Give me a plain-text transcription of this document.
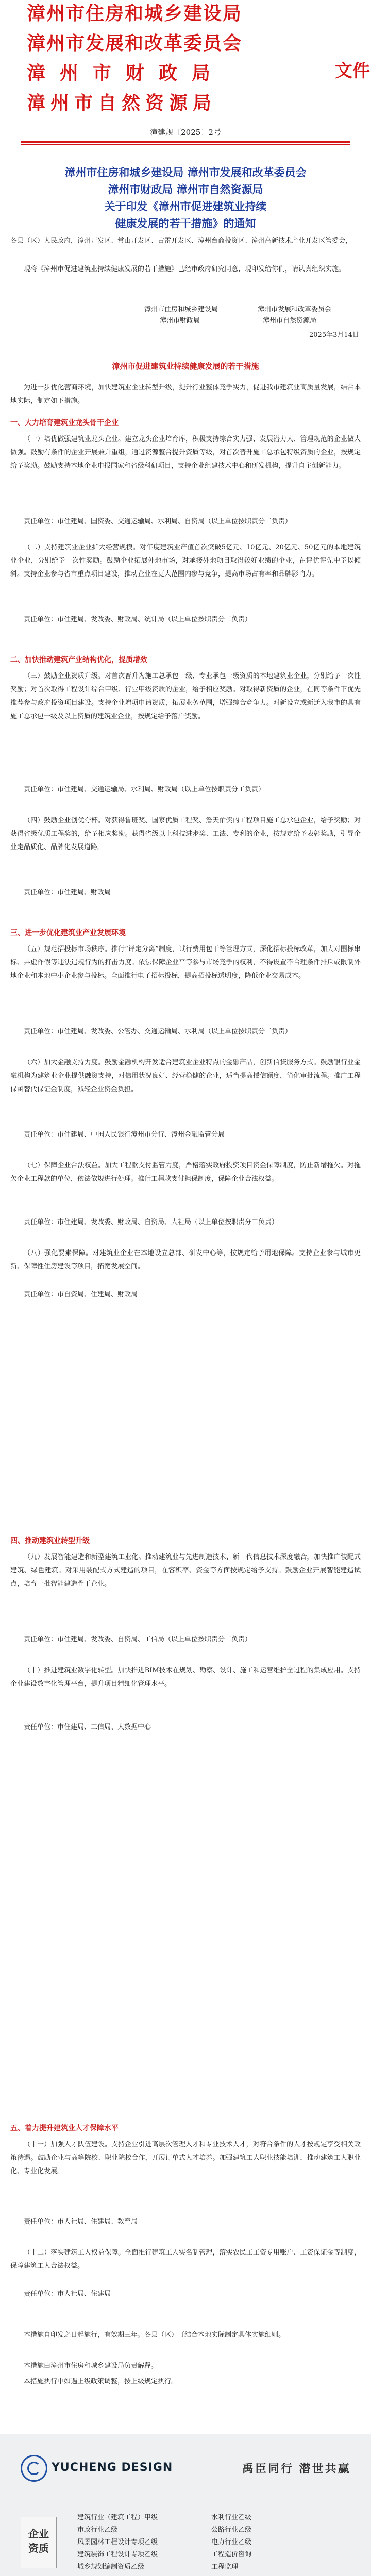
漳州市住房和城乡建设局
漳州市发展和改革委员会
漳州市财政局
漳州市自然资源局
文件
漳建规〔2025〕2号
漳州市住房和城乡建设局 漳州市发展和改革委员会
漳州市财政局 漳州市自然资源局
关于印发《漳州市促进建筑业持续
健康发展的若干措施》的通知
各县（区）人民政府，漳州开发区、常山开发区、古雷开发区、漳州台商投资区、漳州高新技术产业开发区管委会，
现将《漳州市促进建筑业持续健康发展的若干措施》已经市政府研究同意，现印发给你们，请认真组织实施。
漳州市住房和城乡建设局	漳州市发展和改革委员会
漳州市财政局	漳州市自然资源局
2025年3月14日
漳州市促进建筑业持续健康发展的若干措施
为进一步优化营商环境，加快建筑业企业转型升级，提升行业整体竞争实力，促进我市建筑业高质量发展，结合本地实际，制定如下措施。
一、大力培育建筑业龙头骨干企业
（一）培优做强建筑业龙头企业。建立龙头企业培育库，积极支持综合实力强、发展潜力大、管理规范的企业做大做强。鼓励有条件的企业开展兼并重组，通过资源整合提升资质等级，对首次晋升施工总承包特级资质的企业，按规定给予奖励。鼓励支持本地企业申报国家和省级科研项目，支持企业组建技术中心和研发机构，提升自主创新能力。
责任单位：市住建局、国资委、交通运输局、水利局、自资局（以上单位按职责分工负责）
（二）支持建筑业企业扩大经营规模。对年度建筑业产值首次突破5亿元、10亿元、20亿元、50亿元的本地建筑业企业，分别给予一次性奖励。鼓励企业拓展外地市场，对承接外地项目取得较好业绩的企业，在评优评先中予以倾斜。支持企业参与省市重点项目建设，推动企业在更大范围内参与竞争，提高市场占有率和品牌影响力。
责任单位：市住建局、发改委、财政局、统计局（以上单位按职责分工负责）
二、加快推动建筑产业结构优化，提质增效
（三）鼓励企业资质升级。对首次晋升为施工总承包一级、专业承包一级资质的本地建筑业企业，分别给予一次性奖励；对首次取得工程设计综合甲级、行业甲级资质的企业，给予相应奖励。对取得新资质的企业，在同等条件下优先推荐参与政府投资项目建设。支持企业增项申请资质，拓展业务范围，增强综合竞争力。对新设立或新迁入我市的具有施工总承包一级及以上资质的建筑业企业，按规定给予落户奖励。
责任单位：市住建局、交通运输局、水利局、财政局（以上单位按职责分工负责）
（四）鼓励企业创优夺杯。对获得鲁班奖、国家优质工程奖、詹天佑奖的工程项目施工总承包企业，给予奖励；对获得省级优质工程奖的，给予相应奖励。获得省级以上科技进步奖、工法、专利的企业，按规定给予表彰奖励，引导企业走品质化、品牌化发展道路。
责任单位：市住建局、财政局
三、进一步优化建筑业产业发展环境
（五）规范招投标市场秩序。推行“评定分离”制度，试行费用包干等管理方式，深化招标投标改革，加大对围标串标、弄虚作假等违法违规行为的打击力度。依法保障企业平等参与市场竞争的权利，不得设置不合理条件排斥或限制外地企业和本地中小企业参与投标。全面推行电子招标投标，提高招投标透明度，降低企业交易成本。
责任单位：市住建局、发改委、公管办、交通运输局、水利局（以上单位按职责分工负责）
（六）加大金融支持力度。鼓励金融机构开发适合建筑业企业特点的金融产品，创新信贷服务方式。鼓励银行业金融机构为建筑业企业提供融资支持，对信用状况良好、经营稳健的企业，适当提高授信额度，简化审批流程。推广工程保函替代保证金制度，减轻企业资金负担。
责任单位：市住建局、中国人民银行漳州市分行、漳州金融监管分局
（七）保障企业合法权益。加大工程款支付监管力度，严格落实政府投资项目资金保障制度，防止新增拖欠。对拖欠企业工程款的单位，依法依规进行处理。推行工程款支付担保制度，保障企业合法权益。
责任单位：市住建局、发改委、财政局、自资局、人社局（以上单位按职责分工负责）
（八）强化要素保障。对建筑业企业在本地设立总部、研发中心等，按规定给予用地保障。支持企业参与城市更新、保障性住房建设等项目，拓宽发展空间。
责任单位：市自资局、住建局、财政局
四、推动建筑业转型升级
（九）发展智能建造和新型建筑工业化。推动建筑业与先进制造技术、新一代信息技术深度融合，加快推广装配式建筑、绿色建筑。对采用装配式方式建造的项目，在容积率、资金等方面按规定给予支持。鼓励企业开展智能建造试点，培育一批智能建造骨干企业。
责任单位：市住建局、发改委、自资局、工信局（以上单位按职责分工负责）
（十）推进建筑业数字化转型。加快推进BIM技术在规划、勘察、设计、施工和运营维护全过程的集成应用。支持企业建设数字化管理平台，提升项目精细化管理水平。
责任单位：市住建局、工信局、大数据中心
五、着力提升建筑业人才保障水平
（十一）加强人才队伍建设。支持企业引进高层次管理人才和专业技术人才，对符合条件的人才按规定享受相关政策待遇。鼓励企业与高等院校、职业院校合作，开展订单式人才培养。加强建筑工人职业技能培训，推动建筑工人职业化、专业化发展。
责任单位：市人社局、住建局、教育局
（十二）落实建筑工人权益保障。全面推行建筑工人实名制管理，落实农民工工资专用账户、工资保证金等制度，保障建筑工人合法权益。
责任单位：市人社局、住建局
本措施自印发之日起施行，有效期三年。各县（区）可结合本地实际制定具体实施细则。
本措施由漳州市住房和城乡建设局负责解释。
本措施执行中如遇上级政策调整，按上级规定执行。
YUCHENG DESIGN	禹臣同行 潜世共赢
企业
资质
建筑行业（建筑工程）甲级
市政行业乙级
风景园林工程设计专项乙级
建筑装饰工程设计专项乙级
城乡规划编制资质乙级
水利行业乙级
公路行业乙级
电力行业乙级
工程造价咨询
工程监理
